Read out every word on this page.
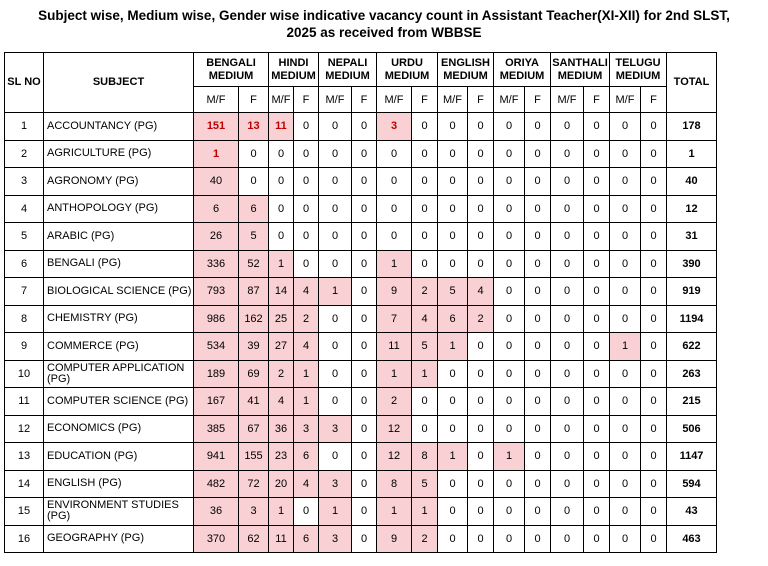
Subject wise, Medium wise, Gender wise indicative vacancy count in Assistant Teacher(XI-XII) for 2nd SLST,
2025 as received from WBBSE
SL NO	SUBJECT	BENGALI MEDIUM		HINDI MEDIUM		NEPALI MEDIUM		URDU MEDIUM		ENGLISH MEDIUM		ORIYA MEDIUM		SANTHALI MEDIUM		TELUGU MEDIUM		TOTAL
		M/F	F	M/F	F	M/F	F	M/F	F	M/F	F	M/F	F	M/F	F	M/F	F	
1	ACCOUNTANCY (PG)	151	13	11	0	0	0	3	0	0	0	0	0	0	0	0	0	178
2	AGRICULTURE (PG)	1	0	0	0	0	0	0	0	0	0	0	0	0	0	0	0	1
3	AGRONOMY (PG)	40	0	0	0	0	0	0	0	0	0	0	0	0	0	0	0	40
4	ANTHOPOLOGY (PG)	6	6	0	0	0	0	0	0	0	0	0	0	0	0	0	0	12
5	ARABIC (PG)	26	5	0	0	0	0	0	0	0	0	0	0	0	0	0	0	31
6	BENGALI (PG)	336	52	1	0	0	0	1	0	0	0	0	0	0	0	0	0	390
7	BIOLOGICAL SCIENCE (PG)	793	87	14	4	1	0	9	2	5	4	0	0	0	0	0	0	919
8	CHEMISTRY (PG)	986	162	25	2	0	0	7	4	6	2	0	0	0	0	0	0	1194
9	COMMERCE (PG)	534	39	27	4	0	0	11	5	1	0	0	0	0	0	1	0	622
10	COMPUTER APPLICATION (PG)	189	69	2	1	0	0	1	1	0	0	0	0	0	0	0	0	263
11	COMPUTER SCIENCE (PG)	167	41	4	1	0	0	2	0	0	0	0	0	0	0	0	0	215
12	ECONOMICS (PG)	385	67	36	3	3	0	12	0	0	0	0	0	0	0	0	0	506
13	EDUCATION (PG)	941	155	23	6	0	0	12	8	1	0	1	0	0	0	0	0	1147
14	ENGLISH (PG)	482	72	20	4	3	0	8	5	0	0	0	0	0	0	0	0	594
15	ENVIRONMENT STUDIES (PG)	36	3	1	0	1	0	1	1	0	0	0	0	0	0	0	0	43
16	GEOGRAPHY (PG)	370	62	11	6	3	0	9	2	0	0	0	0	0	0	0	0	463
